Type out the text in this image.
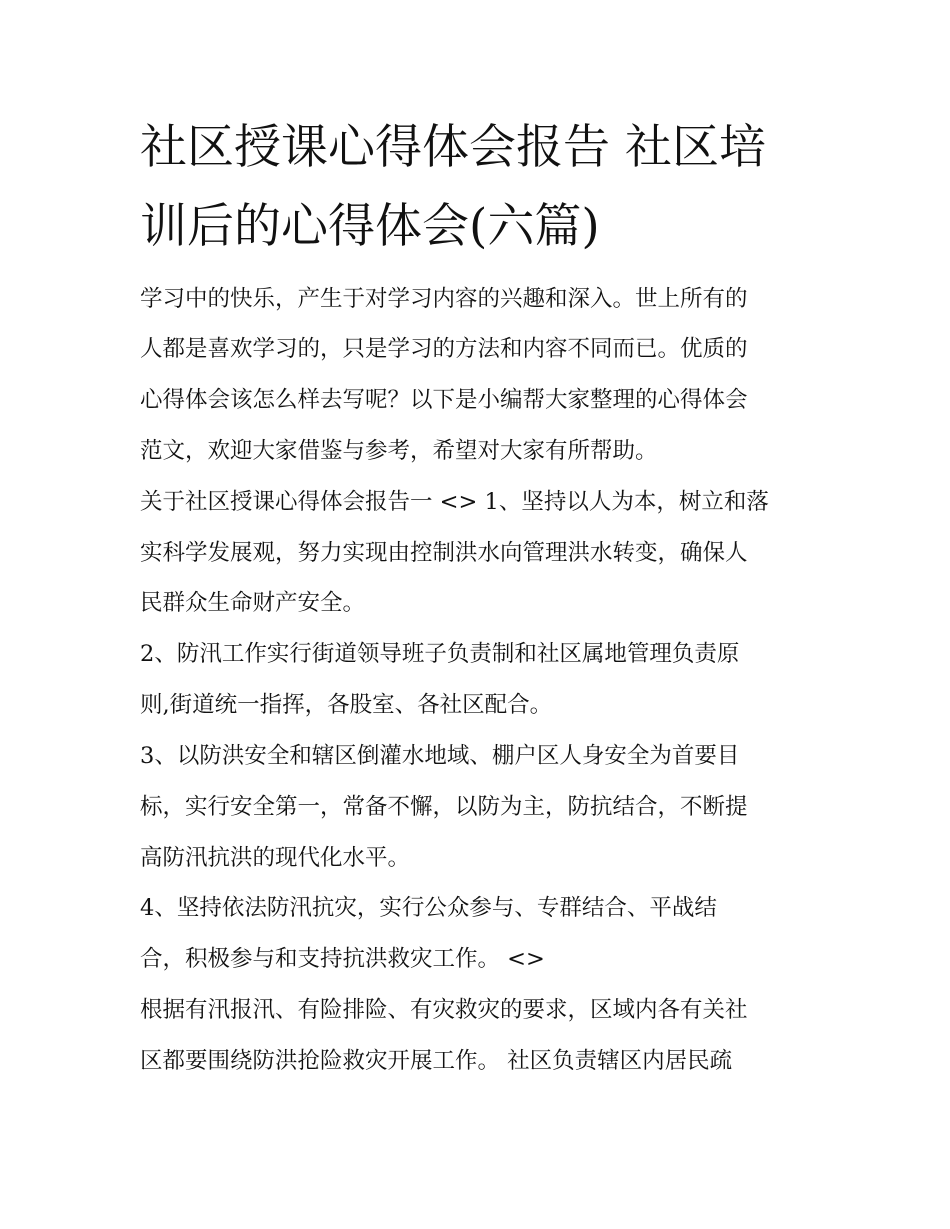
社区授课心得体会报告 社区培
训后的心得体会(六篇)
学习中的快乐，产生于对学习内容的兴趣和深入。世上所有的
人都是喜欢学习的，只是学习的方法和内容不同而已。优质的
心得体会该怎么样去写呢？以下是小编帮大家整理的心得体会
范文，欢迎大家借鉴与参考，希望对大家有所帮助。
关于社区授课心得体会报告一 <> 1、坚持以人为本，树立和落
实科学发展观，努力实现由控制洪水向管理洪水转变，确保人
民群众生命财产安全。
2、防汛工作实行街道领导班子负责制和社区属地管理负责原
则,街道统一指挥，各股室、各社区配合。
3、以防洪安全和辖区倒灌水地域、棚户区人身安全为首要目
标，实行安全第一，常备不懈，以防为主，防抗结合，不断提
高防汛抗洪的现代化水平。
4、坚持依法防汛抗灾，实行公众参与、专群结合、平战结
合，积极参与和支持抗洪救灾工作。 <>
根据有汛报汛、有险排险、有灾救灾的要求，区域内各有关社
区都要围绕防洪抢险救灾开展工作。 社区负责辖区内居民疏
